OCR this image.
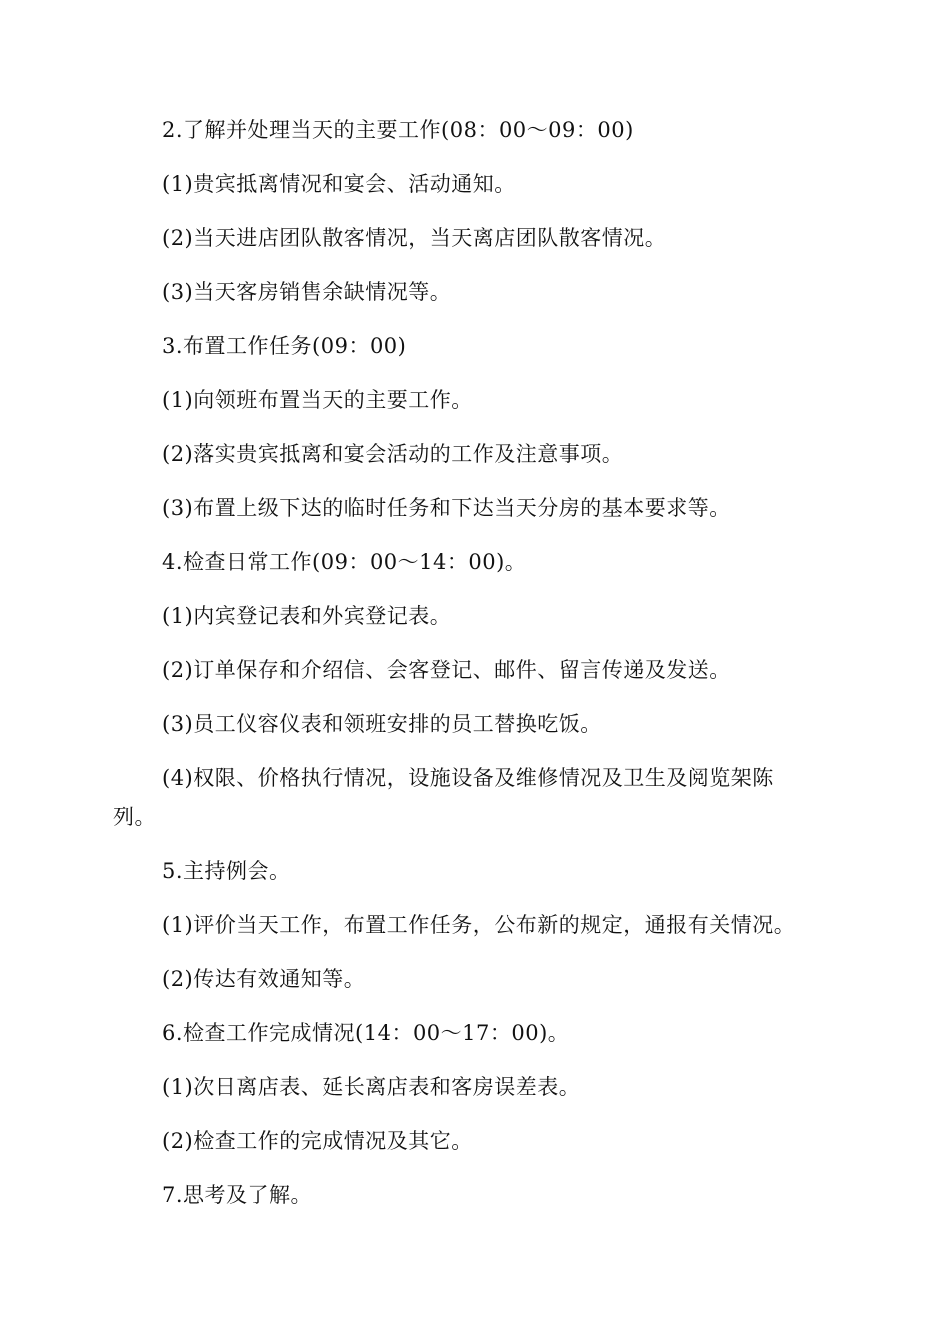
2.了解并处理当天的主要工作(08：00～09：00)
(1)贵宾抵离情况和宴会、活动通知。
(2)当天进店团队散客情况，当天离店团队散客情况。
(3)当天客房销售余缺情况等。
3.布置工作任务(09：00)
(1)向领班布置当天的主要工作。
(2)落实贵宾抵离和宴会活动的工作及注意事项。
(3)布置上级下达的临时任务和下达当天分房的基本要求等。
4.检查日常工作(09：00～14：00)。
(1)内宾登记表和外宾登记表。
(2)订单保存和介绍信、会客登记、邮件、留言传递及发送。
(3)员工仪容仪表和领班安排的员工替换吃饭。
(4)权限、价格执行情况，设施设备及维修情况及卫生及阅览架陈
列。
5.主持例会。
(1)评价当天工作，布置工作任务，公布新的规定，通报有关情况。
(2)传达有效通知等。
6.检查工作完成情况(14：00～17：00)。
(1)次日离店表、延长离店表和客房误差表。
(2)检查工作的完成情况及其它。
7.思考及了解。
